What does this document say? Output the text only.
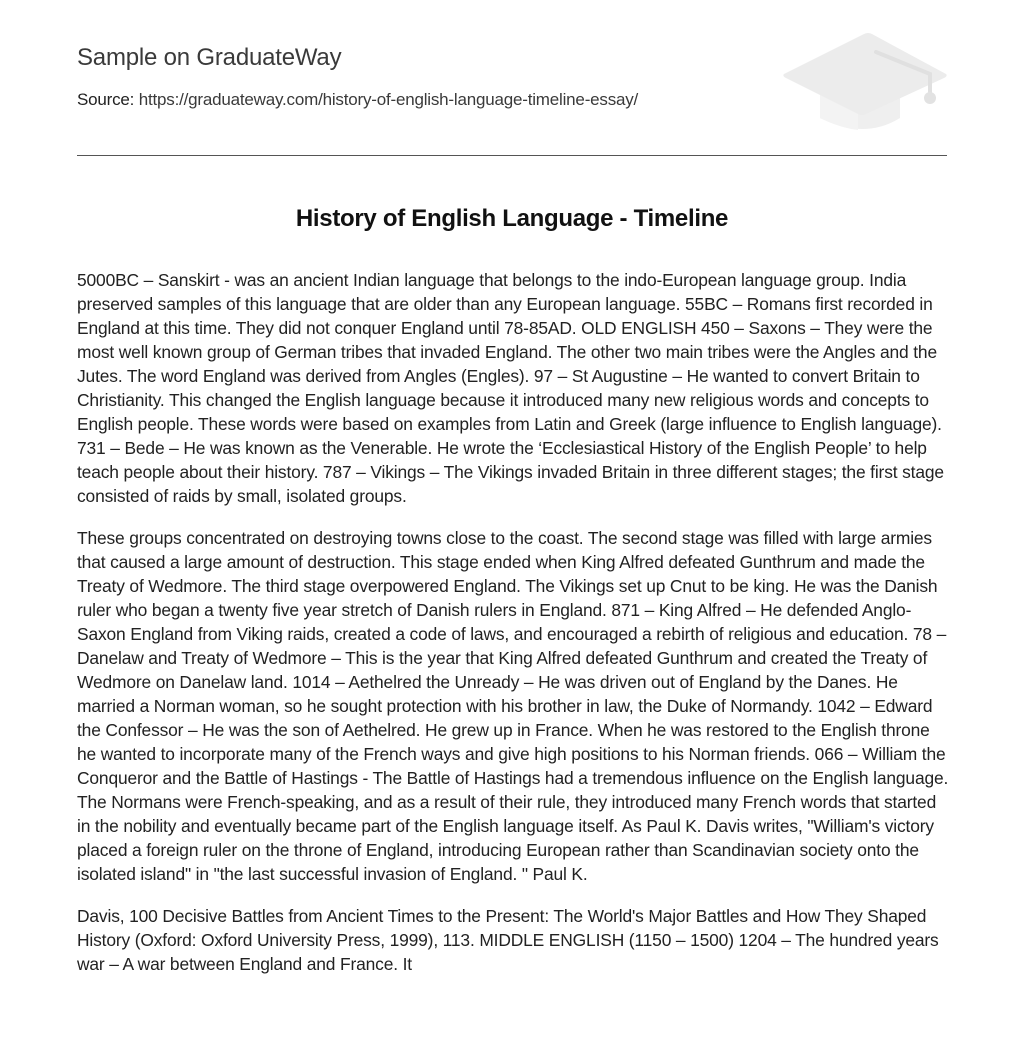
Sample on GraduateWay
Source: https://graduateway.com/history-of-english-language-timeline-essay/
History of English Language - Timeline

5000BC – Sanskirt - was an ancient Indian language that belongs to the indo-European language group. India preserved samples of this language that are older than any European language. 55BC – Romans first recorded in England at this time. They did not conquer England until 78-85AD. OLD ENGLISH 450 – Saxons – They were the most well known group of German tribes that invaded England. The other two main tribes were the Angles and the Jutes. The word England was derived from Angles (Engles). 97 – St Augustine – He wanted to convert Britain to Christianity. This changed the English language because it introduced many new religious words and concepts to English people. These words were based on examples from Latin and Greek (large influence to English language). 731 – Bede – He was known as the Venerable. He wrote the ‘Ecclesiastical History of the English People’ to help teach people about their history. 787 – Vikings – The Vikings invaded Britain in three different stages; the first stage consisted of raids by small, isolated groups.

These groups concentrated on destroying towns close to the coast. The second stage was filled with large armies that caused a large amount of destruction. This stage ended when King Alfred defeated Gunthrum and made the Treaty of Wedmore. The third stage overpowered England. The Vikings set up Cnut to be king. He was the Danish ruler who began a twenty five year stretch of Danish rulers in England. 871 – King Alfred – He defended Anglo-Saxon England from Viking raids, created a code of laws, and encouraged a rebirth of religious and education. 78 – Danelaw and Treaty of Wedmore – This is the year that King Alfred defeated Gunthrum and created the Treaty of Wedmore on Danelaw land. 1014 – Aethelred the Unready – He was driven out of England by the Danes. He married a Norman woman, so he sought protection with his brother in law, the Duke of Normandy. 1042 – Edward the Confessor – He was the son of Aethelred. He grew up in France. When he was restored to the English throne he wanted to incorporate many of the French ways and give high positions to his Norman friends. 066 – William the Conqueror and the Battle of Hastings - The Battle of Hastings had a tremendous influence on the English language. The Normans were French-speaking, and as a result of their rule, they introduced many French words that started in the nobility and eventually became part of the English language itself. As Paul K. Davis writes, "William's victory placed a foreign ruler on the throne of England, introducing European rather than Scandinavian society onto the isolated island" in "the last successful invasion of England. " Paul K.

Davis, 100 Decisive Battles from Ancient Times to the Present: The World's Major Battles and How They Shaped History (Oxford: Oxford University Press, 1999), 113. MIDDLE ENGLISH (1150 – 1500) 1204 – The hundred years war – A war between England and France. It
